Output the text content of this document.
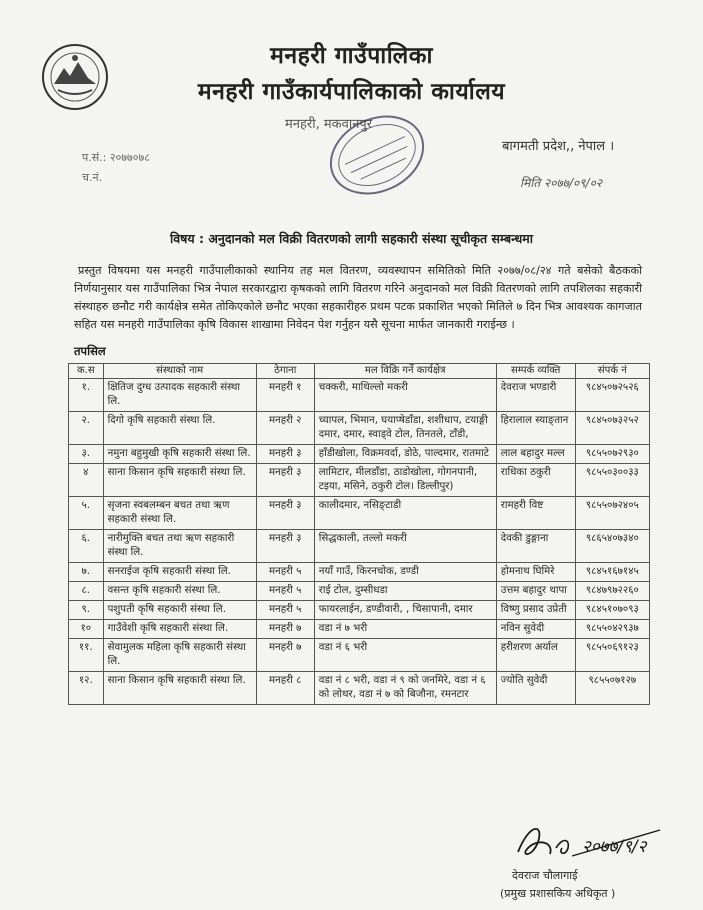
मनहरी गाउँपालिका
मनहरी गाउँकार्यपालिकाको कार्यालय
मनहरी, मकवानपुर
बागमती प्रदेश,, नेपाल ।
प.सं.: २०७७०७८
च.नं.	मिति २०७७/०९/०२
विषय : अनुदानको मल विक्री वितरणको लागी सहकारी संस्था सूचीकृत सम्बन्धमा
प्रस्तुत विषयमा यस मनहरी गाउँपालीकाको स्थानिय तह मल वितरण, व्यवस्थापन समितिको मिति २०७७/०८/२४ गते बसेको बैठकको निर्णयानुसार यस गाउँपालिका भित्र नेपाल सरकारद्वारा कृषकको लागि वितरण गरिने अनुदानको मल विक्री वितरणको लागि तपशिलका सहकारी संस्थाहरु छनौट गरी कार्यक्षेत्र समेत तोकिएकोले छनौट भएका सहकारीहरु प्रथम पटक प्रकाशित भएको मितिले ७ दिन भित्र आवश्यक कागजात सहित यस मनहरी गाउँपालिका कृषि विकास शाखामा निवेदन पेश गर्नुहन यसै सूचना मार्फत जानकारी गराईन्छ ।
तपसिल
क.स	संस्थाको नाम	ठेगाना	मल विक्रि गर्ने कार्यक्षेत्र	सम्पर्क व्यक्ति	संपर्क नं
१.	क्षितिज दुग्ध उत्पादक सहकारी संस्था लि.	मनहरी १	चक्करी, माथिल्लो मकरी	देवराज भण्डारी	९८४५०७२५२६
२.	दिगो कृषि सहकारी संस्था लि.	मनहरी २	च्यापल, भिमान, घयाप्षेडाँडा, शशीधाप, टयाङ्गी दमार, दमार, स्वाड्वे टोल, तिनतले, टाँडी,	हिरालाल स्याङ्तान	९८४५०७३२५२
३.	नमुना बहुमुखी कृषि सहकारी संस्था लि.	मनहरी ३	हाँडीखोला, विक्रमवर्दा, डोठे, पाल्दमार, रातमाटे	लाल बहादुर मल्ल	९८५५०७२९३०
४	साना किसान कृषि सहकारी संस्था लि.	मनहरी ३	लामिटार, मीलडाँडा, ठाडोखोला, गोगनपानी, टइया, मसिने, ठकुरी टोल। डिल्लीपुर)	राधिका ठकुरी	९८५५०३००३३
५.	सृजना स्वबलम्बन बचत तथा ऋण सहकारी संस्था लि.	मनहरी ३	कालीदमार, नसिङ्टाडी	रामहरी विष्ट	९८५५०७२४०५
६.	नारीमुक्ति बचत तथा ऋण सहकारी संस्था लि.	मनहरी ३	सिद्धकाली, तल्लो मकरी	देवकी डुङ्गाना	९८६५४०७३४०
७.	सनराईज कृषि सहकारी संस्था लि.	मनहरी ५	नयाँ गाउँ, किरनचोक, डण्डी	होमनाथ घिमिरे	९८४५१६७१४५
८.	वसन्त कृषि सहकारी संस्था लि.	मनहरी ५	राई टोल, दुम्सीधडा	उत्तम बहादुर थापा	९८४७९७२२६०
९.	पशुपती कृषि सहकारी संस्था लि.	मनहरी ५	फायरलाईन, डण्डीवारी, , चिसापानी, दमार	विष्णु प्रसाद उप्रेती	९८४५१०७०९३
१०	गाउँवेशी कृषि सहकारी संस्था लि.	मनहरी ७	वडा नं ७ भरी	नविन सुवेदी	९८५५०४२९३७
११.	सेवामुलक महिला कृषि सहकारी संस्था लि.	मनहरी ७	वडा नं ६ भरी	हरीशरण अर्याल	९८५५०६९१२३
१२.	साना किसान कृषि सहकारी संस्था लि.	मनहरी ८	वडा नं ८ भरी, वडा नं ९ को जनमिरे, वडा नं ६ को लोथर, वडा नं ७ को बिजौना, रमनटार	ज्योति सुवेदी	९८५५०७१२७
२०७७/९/२
देवराज चौलागाई
(प्रमुख प्रशासकिय अधिकृत )
